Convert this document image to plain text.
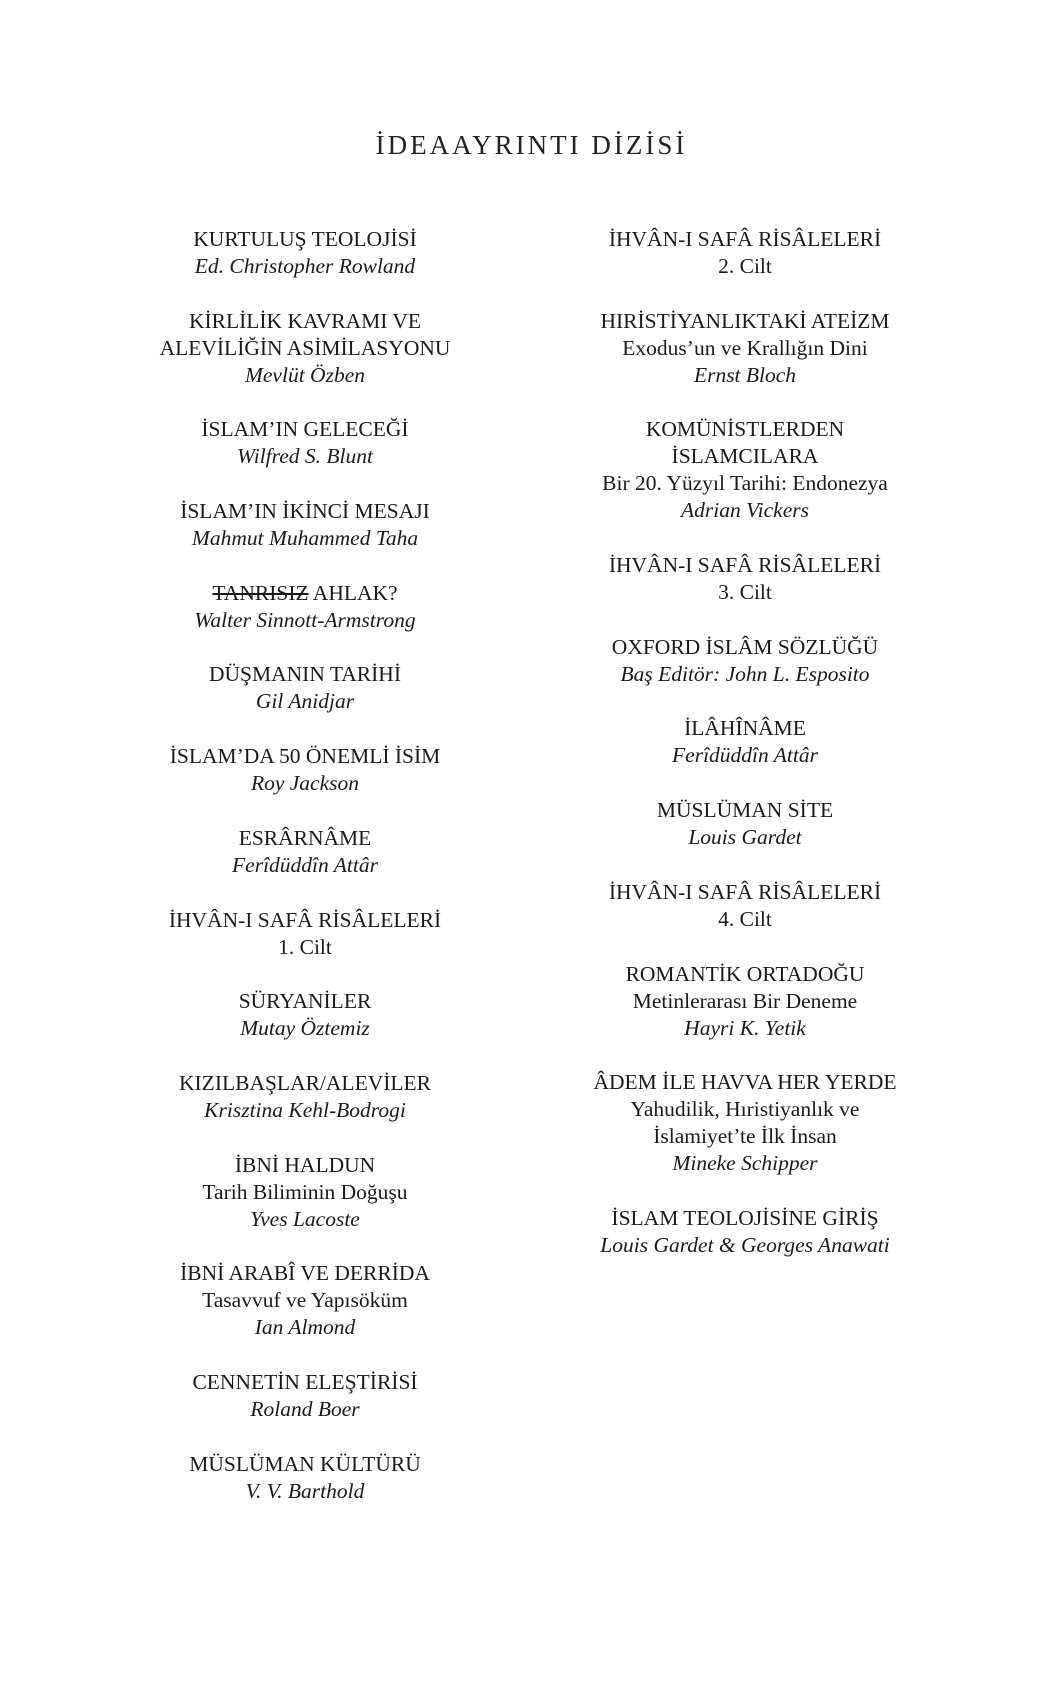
İDEAAYRINTI DİZİSİ
KURTULUŞ TEOLOJİSİ
Ed. Christopher Rowland
KİRLİLİK KAVRAMI VE
ALEVİLİĞİN ASİMİLASYONU
Mevlüt Özben
İSLAM’IN GELECEĞİ
Wilfred S. Blunt
İSLAM’IN İKİNCİ MESAJI
Mahmut Muhammed Taha
TANRISIZ AHLAK?
Walter Sinnott-Armstrong
DÜŞMANIN TARİHİ
Gil Anidjar
İSLAM’DA 50 ÖNEMLİ İSİM
Roy Jackson
ESRÂRNÂME
Ferîdüddîn Attâr
İHVÂN-I SAFÂ RİSÂLELERİ
1. Cilt
SÜRYANİLER
Mutay Öztemiz
KIZILBAŞLAR/ALEVİLER
Krisztina Kehl-Bodrogi
İBNİ HALDUN
Tarih Biliminin Doğuşu
Yves Lacoste
İBNİ ARABÎ VE DERRİDA
Tasavvuf ve Yapısöküm
Ian Almond
CENNETİN ELEŞTİRİSİ
Roland Boer
MÜSLÜMAN KÜLTÜRÜ
V. V. Barthold
İHVÂN-I SAFÂ RİSÂLELERİ
2. Cilt
HIRİSTİYANLIKTAKİ ATEİZM
Exodus’un ve Krallığın Dini
Ernst Bloch
KOMÜNİSTLERDEN
İSLAMCILARA
Bir 20. Yüzyıl Tarihi: Endonezya
Adrian Vickers
İHVÂN-I SAFÂ RİSÂLELERİ
3. Cilt
OXFORD İSLÂM SÖZLÜĞÜ
Baş Editör: John L. Esposito
İLÂHÎNÂME
Ferîdüddîn Attâr
MÜSLÜMAN SİTE
Louis Gardet
İHVÂN-I SAFÂ RİSÂLELERİ
4. Cilt
ROMANTİK ORTADOĞU
Metinlerarası Bir Deneme
Hayri K. Yetik
ÂDEM İLE HAVVA HER YERDE
Yahudilik, Hıristiyanlık ve
İslamiyet’te İlk İnsan
Mineke Schipper
İSLAM TEOLOJİSİNE GİRİŞ
Louis Gardet & Georges Anawati
